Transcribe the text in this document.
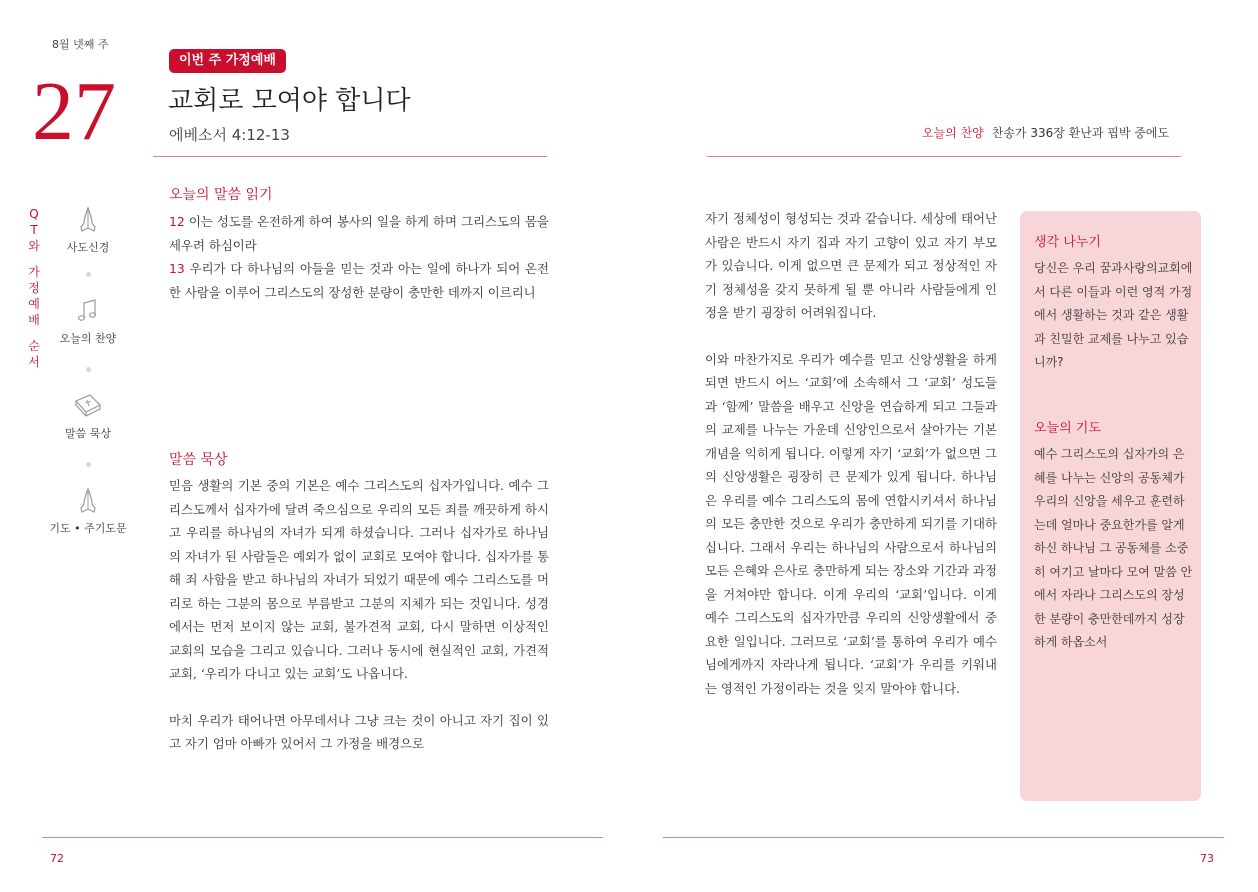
8월 넷째 주
27
이번 주 가정예배
교회로 모여야 합니다
에베소서 4:12-13
Q
T
와
가
정
예
배
순
서
사도신경
오늘의 찬양
말씀 묵상
기도 • 주기도문
오늘의 말씀 읽기

12 이는 성도를 온전하게 하여 봉사의 일을 하게 하며 그리스도의 몸을 세우려 하심이라

13 우리가 다 하나님의 아들을 믿는 것과 아는 일에 하나가 되어 온전한 사람을 이루어 그리스도의 장성한 분량이 충만한 데까지 이르리니

말씀 묵상

믿음 생활의 기본 중의 기본은 예수 그리스도의 십자가입니다. 예수 그리스도께서 십자가에 달려 죽으심으로 우리의 모든 죄를 깨끗하게 하시고 우리를 하나님의 자녀가 되게 하셨습니다. 그러나 십자가로 하나님의 자녀가 된 사람들은 예외가 없이 교회로 모여야 합니다. 십자가를 통해 죄 사함을 받고 하나님의 자녀가 되었기 때문에 예수 그리스도를 머리로 하는 그분의 몸으로 부름받고 그분의 지체가 되는 것입니다. 성경에서는 먼저 보이지 않는 교회, 불가견적 교회, 다시 말하면 이상적인 교회의 모습을 그리고 있습니다. 그러나 동시에 현실적인 교회, 가견적 교회, ‘우리가 다니고 있는 교회’도 나옵니다.

마치 우리가 태어나면 아무데서나 그냥 크는 것이 아니고 자기 집이 있고 자기 엄마 아빠가 있어서 그 가정을 배경으로

72
오늘의 찬양 찬송가 336장 환난과 핍박 중에도

자기 정체성이 형성되는 것과 같습니다. 세상에 태어난 사람은 반드시 자기 집과 자기 고향이 있고 자기 부모가 있습니다. 이게 없으면 큰 문제가 되고 정상적인 자기 정체성을 갖지 못하게 될 뿐 아니라 사람들에게 인정을 받기 굉장히 어려워집니다.

이와 마찬가지로 우리가 예수를 믿고 신앙생활을 하게 되면 반드시 어느 ‘교회’에 소속해서 그 ‘교회’ 성도들과 ‘함께’ 말씀을 배우고 신앙을 연습하게 되고 그들과의 교제를 나누는 가운데 신앙인으로서 살아가는 기본 개념을 익히게 됩니다. 이렇게 자기 ‘교회’가 없으면 그의 신앙생활은 굉장히 큰 문제가 있게 됩니다. 하나님은 우리를 예수 그리스도의 몸에 연합시키셔서 하나님의 모든 충만한 것으로 우리가 충만하게 되기를 기대하십니다. 그래서 우리는 하나님의 사람으로서 하나님의 모든 은혜와 은사로 충만하게 되는 장소와 기간과 과정을 거쳐야만 합니다. 이게 우리의 ‘교회’입니다. 이게 예수 그리스도의 십자가만큼 우리의 신앙생활에서 중요한 일입니다. 그러므로 ‘교회’를 통하여 우리가 예수님에게까지 자라나게 됩니다. ‘교회’가 우리를 키워내는 영적인 가정이라는 것을 잊지 말아야 합니다.

생각 나누기
당신은 우리 꿈과사랑의교회에서 다른 이들과 이런 영적 가정에서 생활하는 것과 같은 생활과 친밀한 교제를 나누고 있습니까?
오늘의 기도
예수 그리스도의 십자가의 은혜를 나누는 신앙의 공동체가 우리의 신앙을 세우고 훈련하는데 얼마나 중요한가를 알게 하신 하나님 그 공동체를 소중히 여기고 날마다 모여 말씀 안에서 자라나 그리스도의 장성한 분량이 충만한데까지 성장하게 하옵소서
73
